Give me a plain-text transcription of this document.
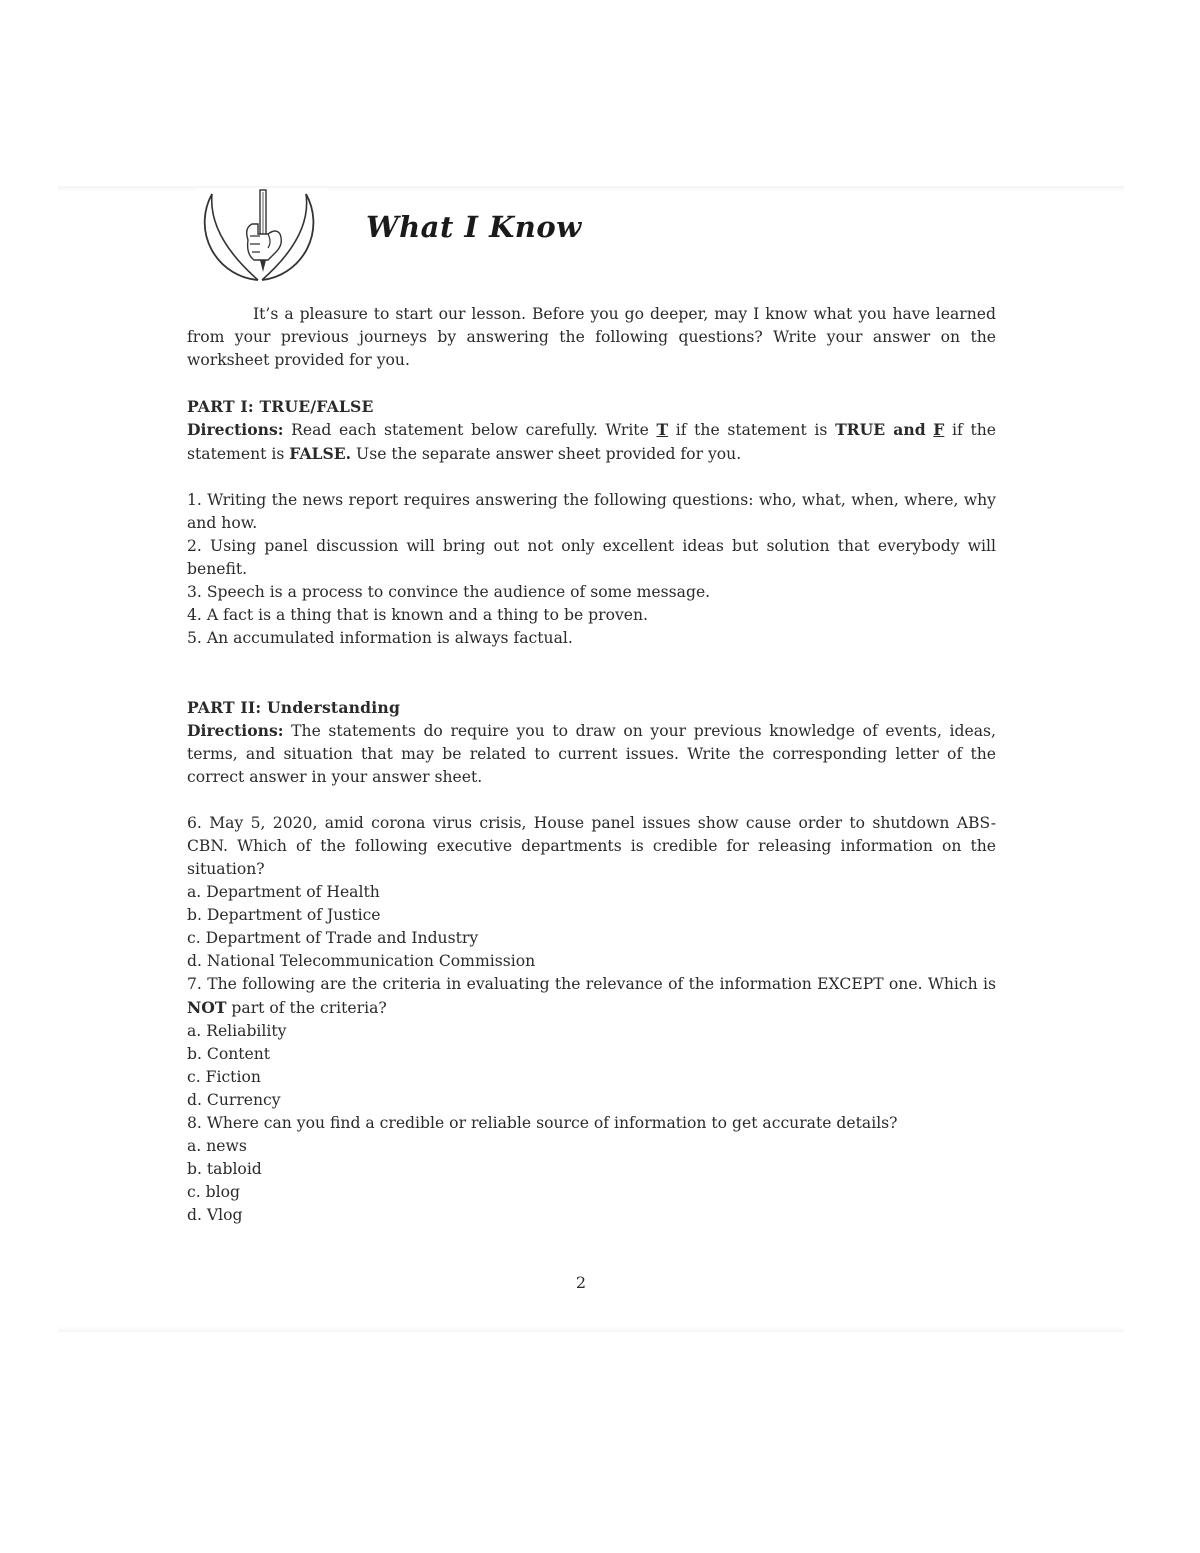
What I Know

It’s a pleasure to start our lesson. Before you go deeper, may I know what you have learned from your previous journeys by answering the following questions? Write your answer on the worksheet provided for you.

PART I: TRUE/FALSE

Directions: Read each statement below carefully. Write T if the statement is TRUE and F if the statement is FALSE. Use the separate answer sheet provided for you.

1. Writing the news report requires answering the following questions: who, what, when, where, why and how.
2. Using panel discussion will bring out not only excellent ideas but solution that everybody will benefit.
3. Speech is a process to convince the audience of some message.
4. A fact is a thing that is known and a thing to be proven.
5. An accumulated information is always factual.

PART II: Understanding

Directions: The statements do require you to draw on your previous knowledge of events, ideas, terms, and situation that may be related to current issues. Write the corresponding letter of the correct answer in your answer sheet.

6. May 5, 2020, amid corona virus crisis, House panel issues show cause order to shutdown ABS-CBN. Which of the following executive departments is credible for releasing information on the situation?

a. Department of Health
b. Department of Justice
c. Department of Trade and Industry
d. National Telecommunication Commission

7. The following are the criteria in evaluating the relevance of the information EXCEPT one. Which is NOT part of the criteria?

a. Reliability
b. Content
c. Fiction
d. Currency

8. Where can you find a credible or reliable source of information to get accurate details?

a. news
b. tabloid
c. blog
d. Vlog
2
